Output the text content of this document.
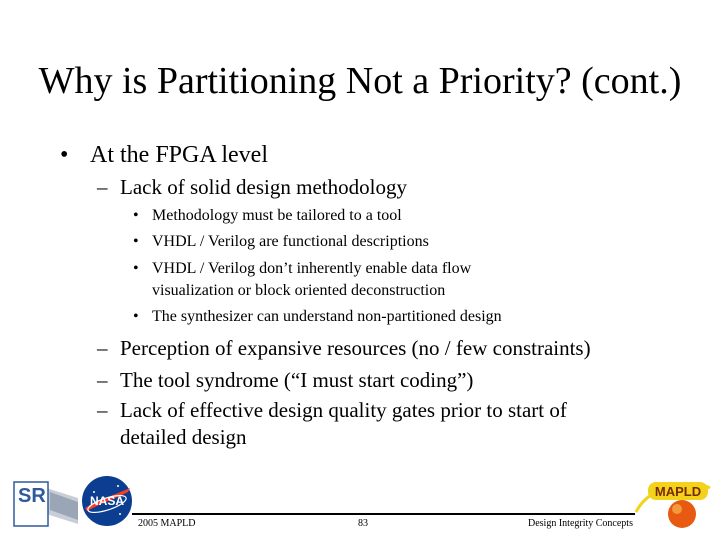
Why is Partitioning Not a Priority? (cont.)
• At the FPGA level
– Lack of solid design methodology
• Methodology must be tailored to a tool
• VHDL / Verilog are functional descriptions
• VHDL / Verilog don’t inherently enable data flow
visualization or block oriented deconstruction
• The synthesizer can understand non-partitioned design
– Perception of expansive resources (no / few constraints)
– The tool syndrome (“I must start coding”)
– Lack of effective design quality gates prior to start of
detailed design
SR	NASA
MAPLD
2005 MAPLD	83	Design Integrity Concepts
